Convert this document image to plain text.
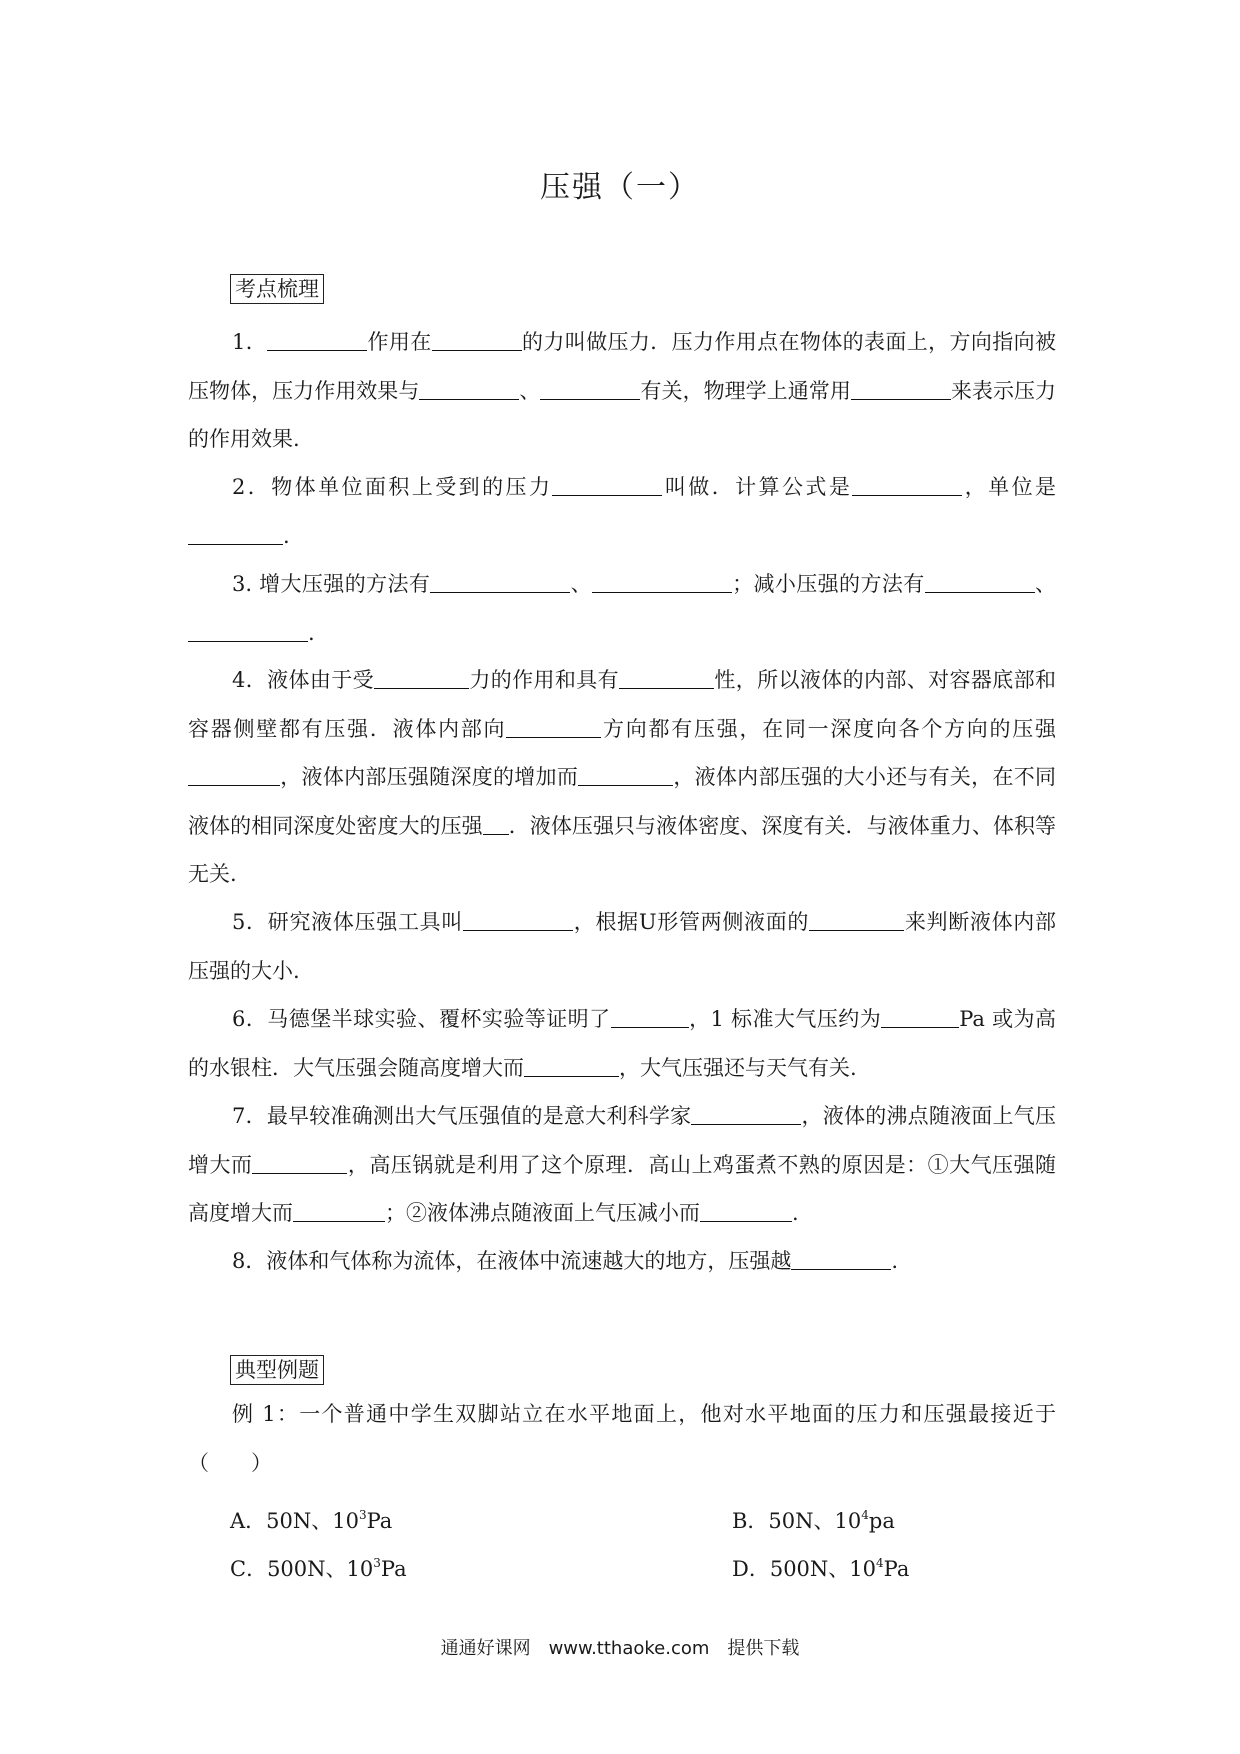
压强（一）
考点梳理
1．	作用在	的力叫做压力．压力作用点在物体的表面上，方向指向被压物体，压力作用效果与	、	有关，物理学上通常用	来表示压力的作用效果.
2．物体单位面积上受到的压力	叫做．计算公式是	，单位是.
3. 增大压强的方法有	、	；减小压强的方法有	、.
4．液体由于受	力的作用和具有	性，所以液体的内部、对容器底部和容器侧壁都有压强．液体内部向	方向都有压强，在同一深度向各个方向的压强，液体内部压强随深度的增加而	，液体内部压强的大小还与有关，在不同液体的相同深度处密度大的压强 ．液体压强只与液体密度、深度有关．与液体重力、体积等无关.
5．研究液体压强工具叫	，根据U形管两侧液面的	来判断液体内部压强的大小.
6．马德堡半球实验、覆杯实验等证明了	，1 标准大气压约为	Pa 或为高的水银柱．大气压强会随高度增大而	，大气压强还与天气有关.
7．最早较准确测出大气压强值的是意大利科学家	，液体的沸点随液面上气压增大而	，高压锅就是利用了这个原理．高山上鸡蛋煮不熟的原因是：①大气压强随高度增大而	；②液体沸点随液面上气压减小而	.
8．液体和气体称为流体，在液体中流速越大的地方，压强越	.
典型例题
例 1：一个普通中学生双脚站立在水平地面上，他对水平地面的压力和压强最接近于（　　）
A．50N、$10^3Pa$	B．50N、$10^4pa$
C．500N、$10^3Pa$	D．500N、$10^4Pa$
通通好课网　www.tthaoke.com　提供下载
